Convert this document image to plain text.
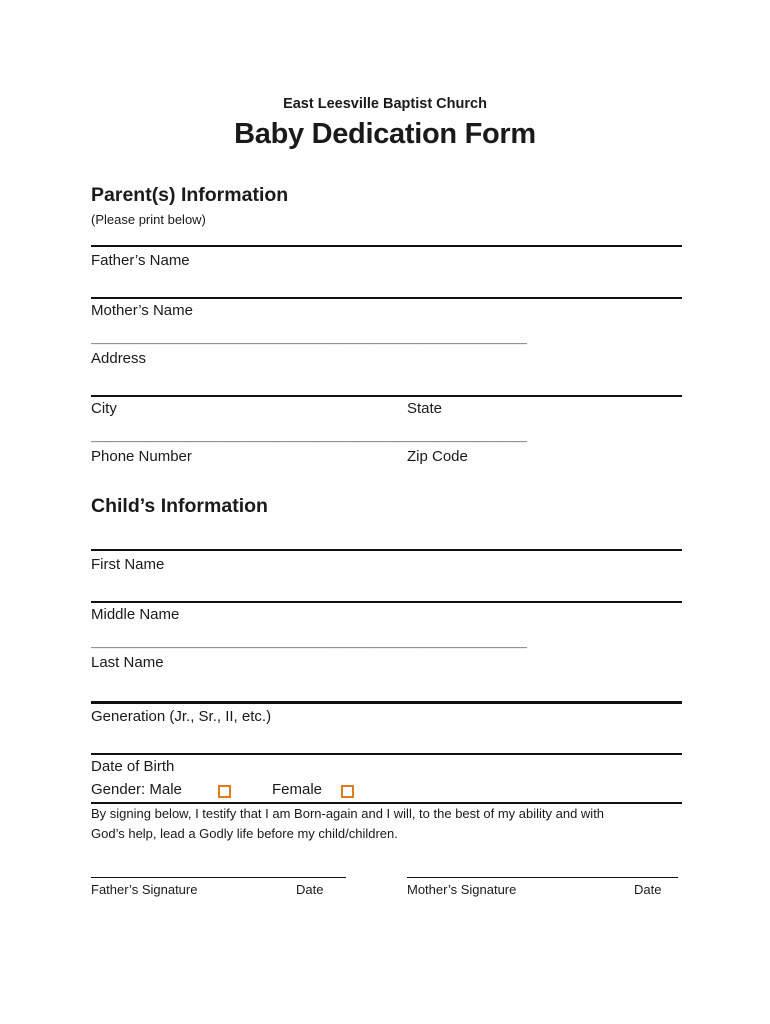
East Leesville Baptist Church
Baby Dedication Form
Parent(s) Information
(Please print below)
Father’s Name
Mother’s Name
_________________________________________________________________
Address
City	State
_________________________________________________________________
Phone Number	Zip Code
Child’s Information
First Name
Middle Name
_________________________________________________________________
Last Name
Generation (Jr., Sr., II, etc.)
Date of Birth
Gender: Male	Female
By signing below, I testify that I am Born-again and I will, to the best of my ability and with
God’s help, lead a Godly life before my child/children.
Father’s Signature	Date	Mother’s Signature	Date
